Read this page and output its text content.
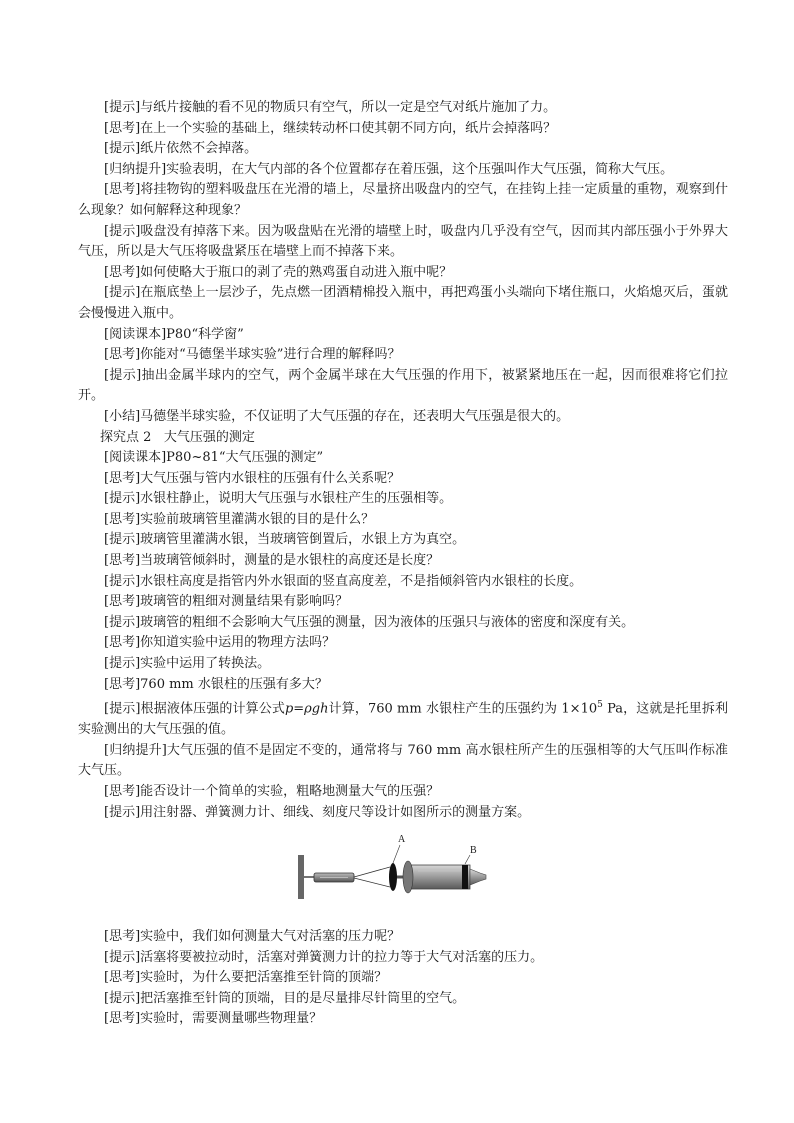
[提示]与纸片接触的看不见的物质只有空气，所以一定是空气对纸片施加了力。
[思考]在上一个实验的基础上，继续转动杯口使其朝不同方向，纸片会掉落吗？
[提示]纸片依然不会掉落。
[归纳提升]实验表明，在大气内部的各个位置都存在着压强，这个压强叫作大气压强，简称大气压。
[思考]将挂物钩的塑料吸盘压在光滑的墙上，尽量挤出吸盘内的空气，在挂钩上挂一定质量的重物，观察到什么现象？如何解释这种现象？
[提示]吸盘没有掉落下来。因为吸盘贴在光滑的墙壁上时，吸盘内几乎没有空气，因而其内部压强小于外界大气压，所以是大气压将吸盘紧压在墙壁上而不掉落下来。
[思考]如何使略大于瓶口的剥了壳的熟鸡蛋自动进入瓶中呢？
[提示]在瓶底垫上一层沙子，先点燃一团酒精棉投入瓶中，再把鸡蛋小头端向下堵住瓶口，火焰熄灭后，蛋就会慢慢进入瓶中。
[阅读课本]P80“科学窗”
[思考]你能对“马德堡半球实验”进行合理的解释吗？
[提示]抽出金属半球内的空气，两个金属半球在大气压强的作用下，被紧紧地压在一起，因而很难将它们拉开。
[小结]马德堡半球实验，不仅证明了大气压强的存在，还表明大气压强是很大的。
探究点 2 大气压强的测定
[阅读课本]P80~81“大气压强的测定”
[思考]大气压强与管内水银柱的压强有什么关系呢？
[提示]水银柱静止，说明大气压强与水银柱产生的压强相等。
[思考]实验前玻璃管里灌满水银的目的是什么？
[提示]玻璃管里灌满水银，当玻璃管倒置后，水银上方为真空。
[思考]当玻璃管倾斜时，测量的是水银柱的高度还是长度？
[提示]水银柱高度是指管内外水银面的竖直高度差，不是指倾斜管内水银柱的长度。
[思考]玻璃管的粗细对测量结果有影响吗？
[提示]玻璃管的粗细不会影响大气压强的测量，因为液体的压强只与液体的密度和深度有关。
[思考]你知道实验中运用的物理方法吗？
[提示]实验中运用了转换法。
[思考]760 mm 水银柱的压强有多大？
[提示]根据液体压强的计算公式p=ρgh计算，760 mm 水银柱产生的压强约为 $1\times 10^5$ Pa，这就是托里拆利实验测出的大气压强的值。
[归纳提升]大气压强的值不是固定不变的，通常将与 760 mm 高水银柱所产生的压强相等的大气压叫作标准大气压。
[思考]能否设计一个简单的实验，粗略地测量大气的压强？
[提示]用注射器、弹簧测力计、细线、刻度尺等设计如图所示的测量方案。
A
B
[思考]实验中，我们如何测量大气对活塞的压力呢？
[提示]活塞将要被拉动时，活塞对弹簧测力计的拉力等于大气对活塞的压力。
[思考]实验时，为什么要把活塞推至针筒的顶端？
[提示]把活塞推至针筒的顶端，目的是尽量排尽针筒里的空气。
[思考]实验时，需要测量哪些物理量？
